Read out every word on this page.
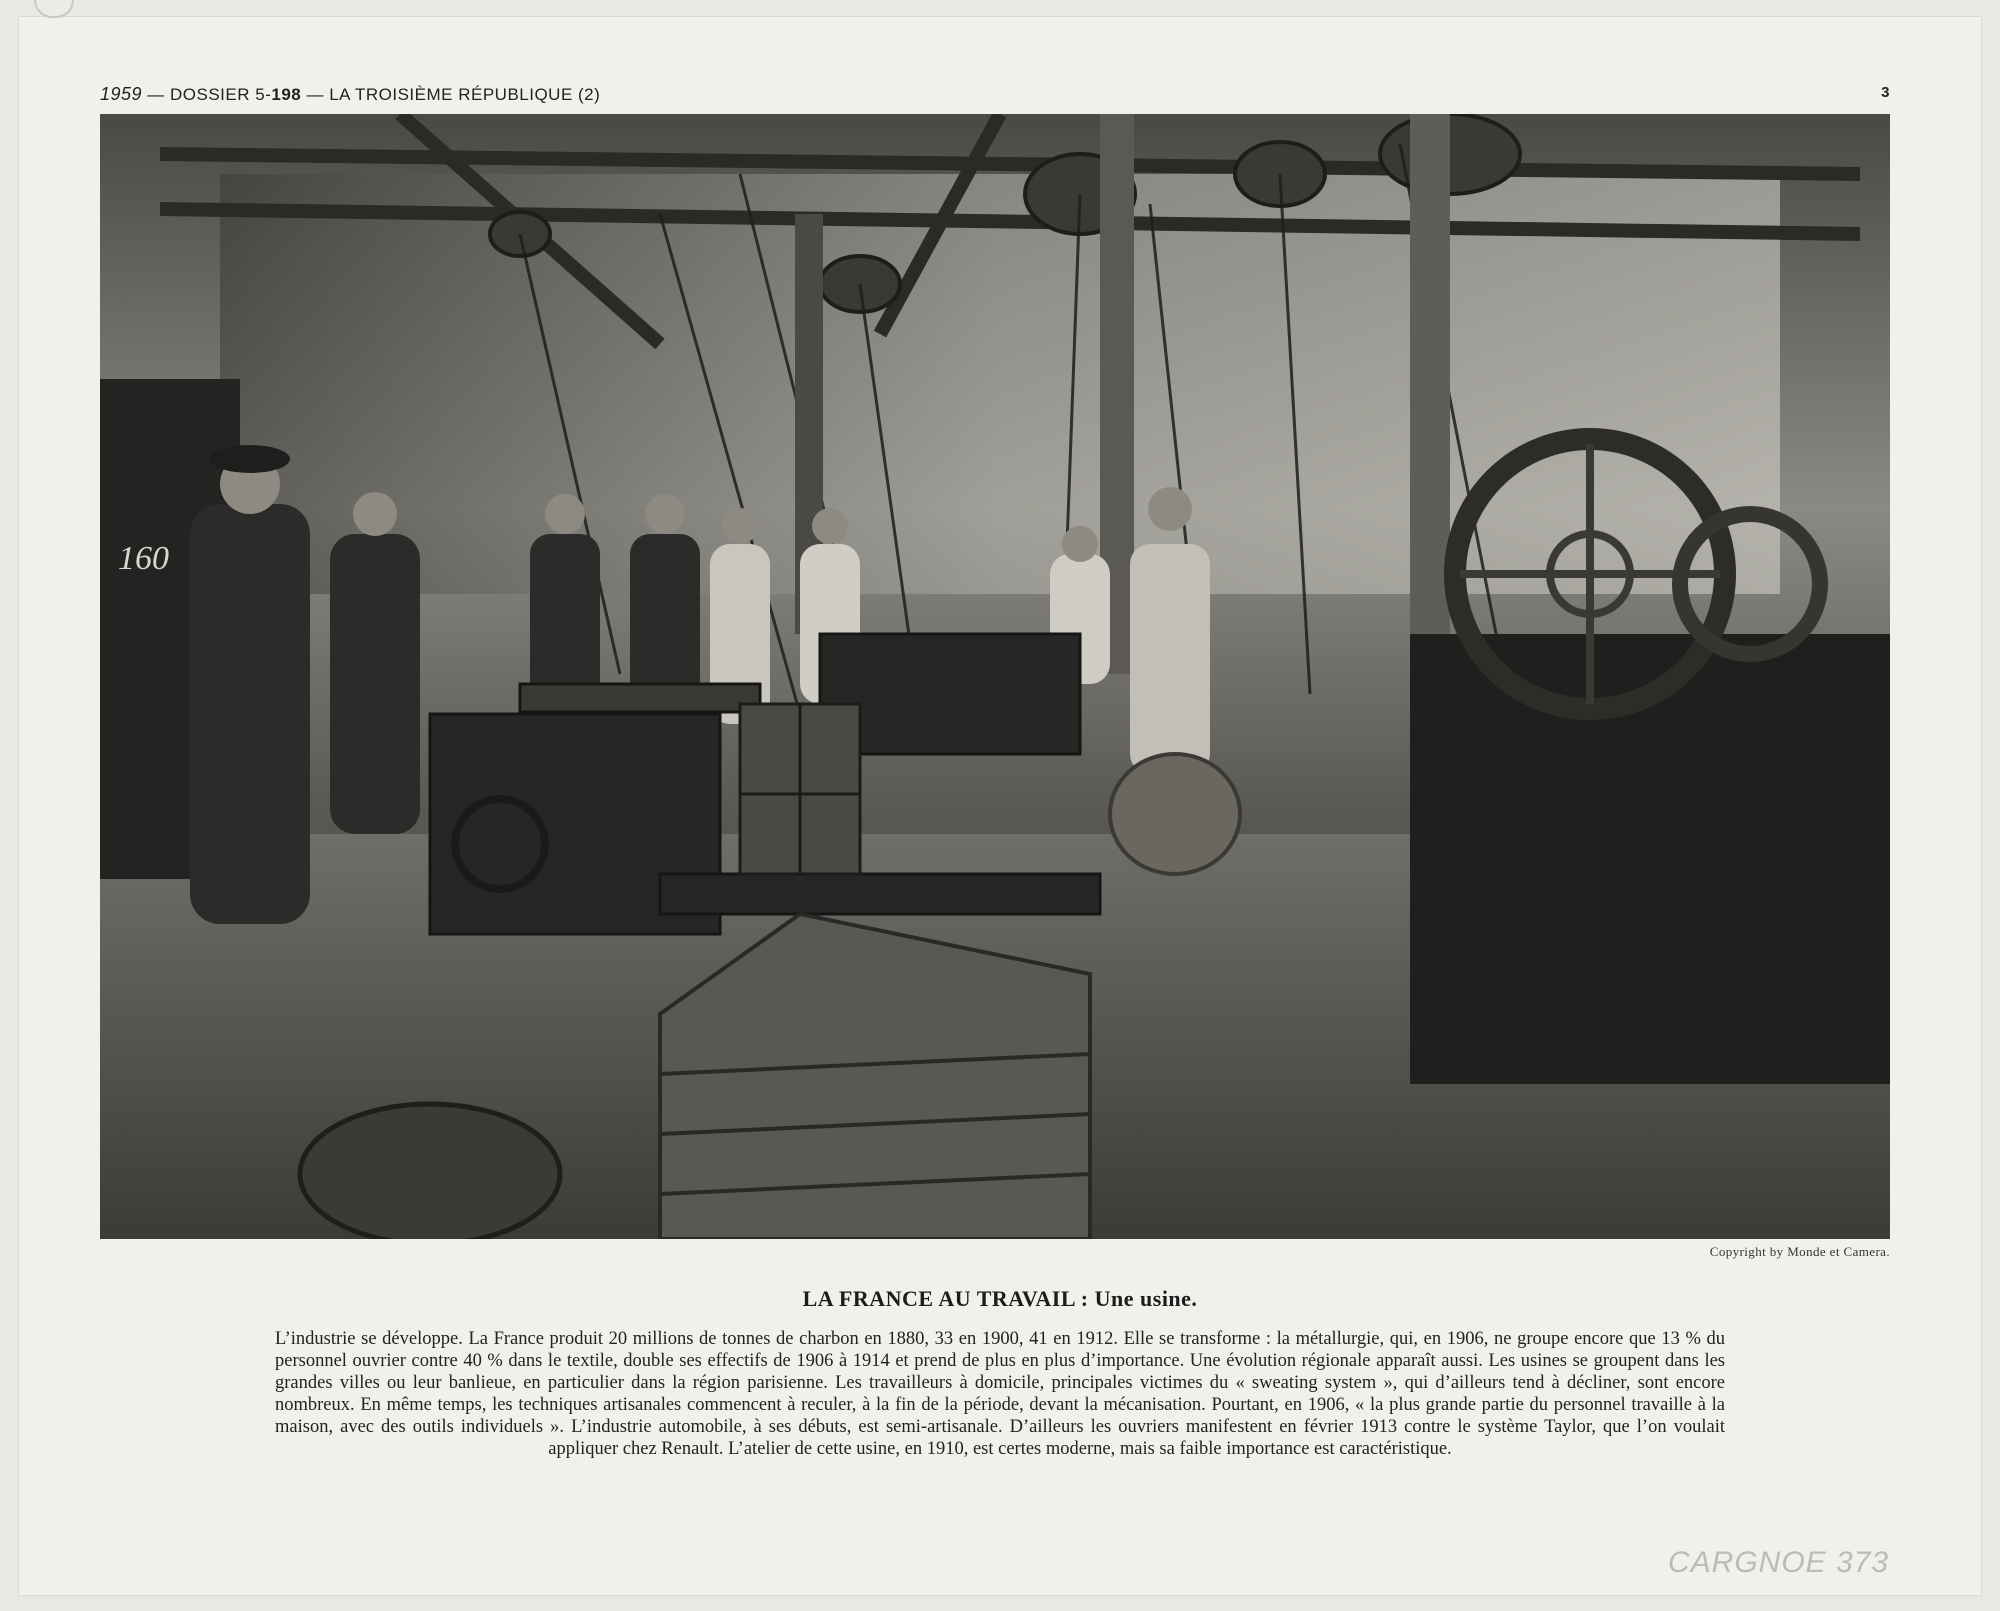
1959 — DOSSIER 5-198 — LA TROISIÈME RÉPUBLIQUE (2)	3
160
Copyright by Monde et Camera.
LA FRANCE AU TRAVAIL : Une usine.
L’industrie se développe. La France produit 20 millions de tonnes de charbon en 1880, 33 en 1900, 41 en 1912. Elle se transforme : la métallurgie, qui, en 1906, ne groupe encore que 13 % du personnel ouvrier contre 40 % dans le textile, double ses effectifs de 1906 à 1914 et prend de plus en plus d’importance. Une évolution régionale apparaît aussi. Les usines se groupent dans les grandes villes ou leur banlieue, en particulier dans la région parisienne. Les travailleurs à domicile, principales victimes du « sweating system », qui d’ailleurs tend à décliner, sont encore nombreux. En même temps, les techniques artisanales commencent à reculer, à la fin de la période, devant la mécanisation. Pourtant, en 1906, « la plus grande partie du personnel travaille à la maison, avec des outils individuels ». L’industrie automobile, à ses débuts, est semi-artisanale. D’ailleurs les ouvriers manifestent en février 1913 contre le système Taylor, que l’on voulait appliquer chez Renault. L’atelier de cette usine, en 1910, est certes moderne, mais sa faible importance est caractéristique.
CARGNOE 373
